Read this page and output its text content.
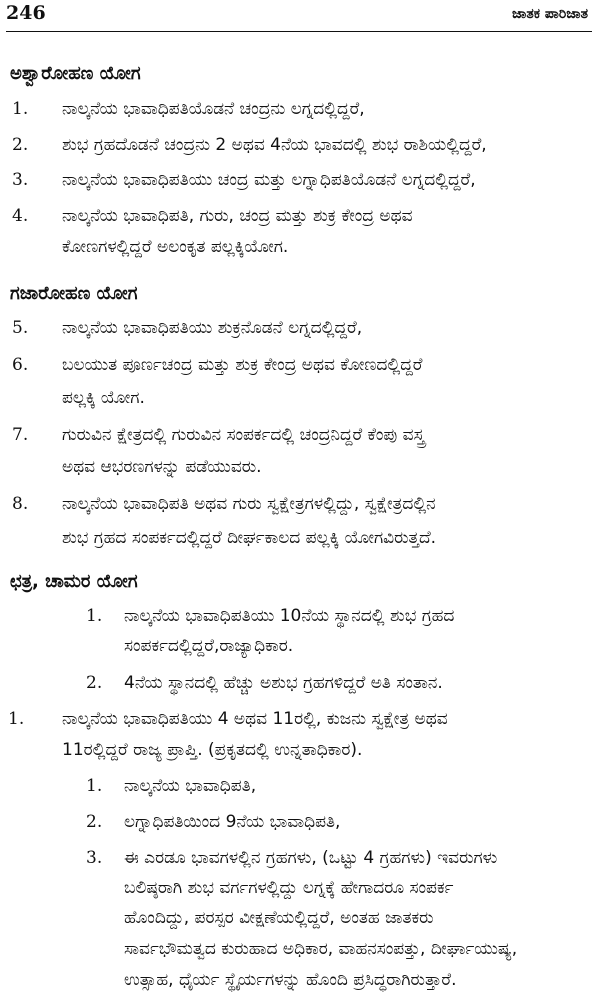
246	ಜಾತಕ ಪಾರಿಜಾತ
ಅಶ್ವಾರೋಹಣ ಯೋಗ
1. ನಾಲ್ಕನೆಯ ಭಾವಾಧಿಪತಿಯೊಡನೆ ಚಂದ್ರನು ಲಗ್ನದಲ್ಲಿದ್ದರೆ,
2. ಶುಭ ಗ್ರಹದೊಡನೆ ಚಂದ್ರನು 2 ಅಥವ 4ನೆಯ ಭಾವದಲ್ಲಿ ಶುಭ ರಾಶಿಯಲ್ಲಿದ್ದರೆ,
3. ನಾಲ್ಕನೆಯ ಭಾವಾಧಿಪತಿಯು ಚಂದ್ರ ಮತ್ತು ಲಗ್ನಾಧಿಪತಿಯೊಡನೆ ಲಗ್ನದಲ್ಲಿದ್ದರೆ,
4. ನಾಲ್ಕನೆಯ ಭಾವಾಧಿಪತಿ, ಗುರು, ಚಂದ್ರ ಮತ್ತು ಶುಕ್ರ ಕೇಂದ್ರ ಅಥವ
ಕೋಣಗಳಲ್ಲಿದ್ದರೆ ಅಲಂಕೃತ ಪಲ್ಲಕ್ಕಿಯೋಗ.
ಗಜಾರೋಹಣ ಯೋಗ
5. ನಾಲ್ಕನೆಯ ಭಾವಾಧಿಪತಿಯು ಶುಕ್ರನೊಡನೆ ಲಗ್ನದಲ್ಲಿದ್ದರೆ,
6. ಬಲಯುತ ಪೂರ್ಣಚಂದ್ರ ಮತ್ತು ಶುಕ್ರ ಕೇಂದ್ರ ಅಥವ ಕೋಣದಲ್ಲಿದ್ದರೆ
ಪಲ್ಲಕ್ಕಿ ಯೋಗ.
7. ಗುರುವಿನ ಕ್ಷೇತ್ರದಲ್ಲಿ ಗುರುವಿನ ಸಂಪರ್ಕದಲ್ಲಿ ಚಂದ್ರನಿದ್ದರೆ ಕೆಂಪು ವಸ್ತ್ರ
ಅಥವ ಆಭರಣಗಳನ್ನು ಪಡೆಯುವರು.
8. ನಾಲ್ಕನೆಯ ಭಾವಾಧಿಪತಿ ಅಥವ ಗುರು ಸ್ವಕ್ಷೇತ್ರಗಳಲ್ಲಿದ್ದು, ಸ್ವಕ್ಷೇತ್ರದಲ್ಲಿನ
ಶುಭ ಗ್ರಹದ ಸಂಪರ್ಕದಲ್ಲಿದ್ದರೆ ದೀರ್ಘಕಾಲದ ಪಲ್ಲಕ್ಕಿ ಯೋಗವಿರುತ್ತದೆ.
ಛತ್ರ, ಚಾಮರ ಯೋಗ
1. ನಾಲ್ಕನೆಯ ಭಾವಾಧಿಪತಿಯು 10ನೆಯ ಸ್ಥಾನದಲ್ಲಿ ಶುಭ ಗ್ರಹದ
ಸಂಪರ್ಕದಲ್ಲಿದ್ದರೆ,ರಾಜ್ಯಾಧಿಕಾರ.
2. 4ನೆಯ ಸ್ಥಾನದಲ್ಲಿ ಹೆಚ್ಚು ಅಶುಭ ಗ್ರಹಗಳಿದ್ದರೆ ಅತಿ ಸಂತಾನ.
1. ನಾಲ್ಕನೆಯ ಭಾವಾಧಿಪತಿಯು 4 ಅಥವ 11ರಲ್ಲಿ, ಕುಜನು ಸ್ವಕ್ಷೇತ್ರ ಅಥವ
11ರಲ್ಲಿದ್ದರೆ ರಾಜ್ಯ ಪ್ರಾಪ್ತಿ. (ಪ್ರಕೃತದಲ್ಲಿ ಉನ್ನತಾಧಿಕಾರ).
1. ನಾಲ್ಕನೆಯ ಭಾವಾಧಿಪತಿ,
2. ಲಗ್ನಾಧಿಪತಿಯಿಂದ 9ನೆಯ ಭಾವಾಧಿಪತಿ,
3. ಈ ಎರಡೂ ಭಾವಗಳಲ್ಲಿನ ಗ್ರಹಗಳು, (ಒಟ್ಟು 4 ಗ್ರಹಗಳು) ಇವರುಗಳು
ಬಲಿಷ್ಠರಾಗಿ ಶುಭ ವರ್ಗಗಳಲ್ಲಿದ್ದು ಲಗ್ನಕ್ಕೆ ಹೇಗಾದರೂ ಸಂಪರ್ಕ
ಹೊಂದಿದ್ದು, ಪರಸ್ಪರ ವೀಕ್ಷಣೆಯಲ್ಲಿದ್ದರೆ, ಅಂತಹ ಜಾತಕರು
ಸಾರ್ವಭೌಮತ್ವದ ಕುರುಹಾದ ಅಧಿಕಾರ, ವಾಹನಸಂಪತ್ತು, ದೀರ್ಘಾಯುಷ್ಯ,
ಉತ್ಸಾಹ, ಧೈರ್ಯ ಸ್ಥೈರ್ಯಗಳನ್ನು ಹೊಂದಿ ಪ್ರಸಿದ್ಧರಾಗಿರುತ್ತಾರೆ.
